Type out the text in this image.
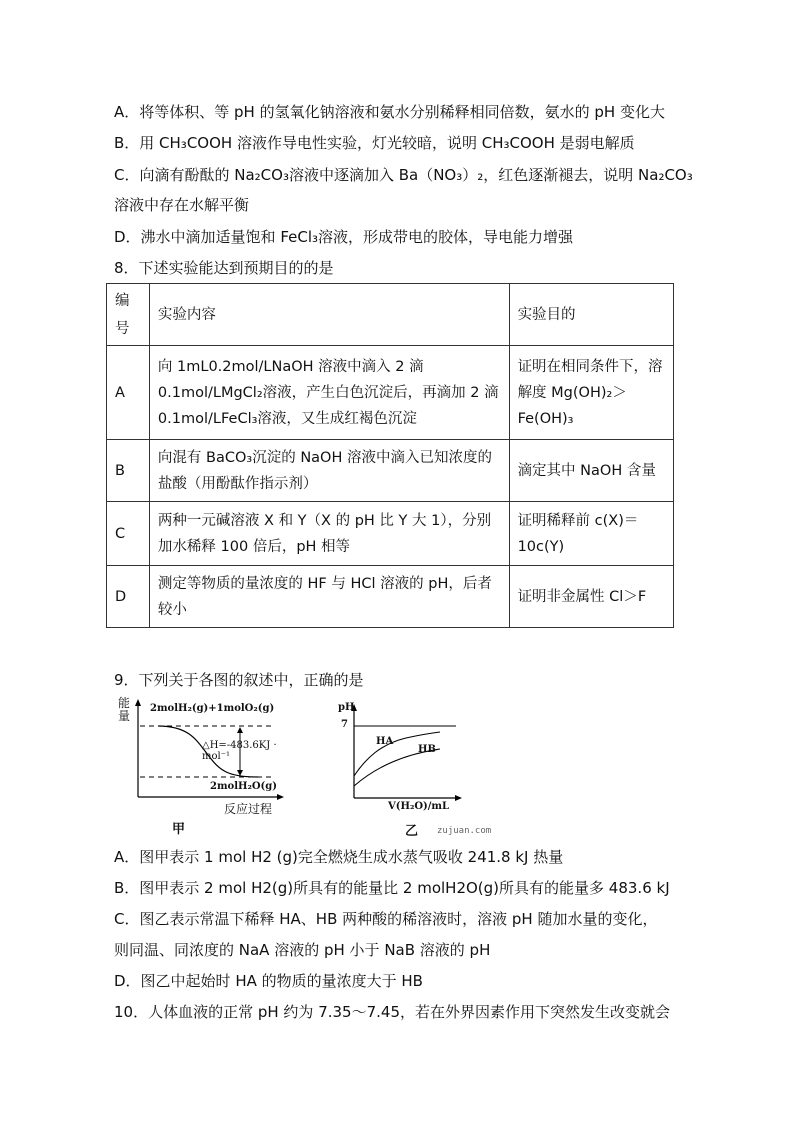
A．将等体积、等 pH 的氢氧化钠溶液和氨水分别稀释相同倍数，氨水的 pH 变化大
B．用 CH₃COOH 溶液作导电性实验，灯光较暗，说明 CH₃COOH 是弱电解质
C．向滴有酚酞的 Na₂CO₃溶液中逐滴加入 Ba（NO₃）₂，红色逐渐褪去，说明 Na₂CO₃
溶液中存在水解平衡
D．沸水中滴加适量饱和 FeCl₃溶液，形成带电的胶体，导电能力增强
8．下述实验能达到预期目的的是
编号	实验内容	实验目的
A	向 1mL0.2mol/LNaOH 溶液中滴入 2 滴 0.1mol/LMgCl₂溶液，产生白色沉淀后，再滴加 2 滴 0.1mol/LFeCl₃溶液，又生成红褐色沉淀	证明在相同条件下，溶解度 Mg(OH)₂＞Fe(OH)₃
B	向混有 BaCO₃沉淀的 NaOH 溶液中滴入已知浓度的盐酸（用酚酞作指示剂）	滴定其中 NaOH 含量
C	两种一元碱溶液 X 和 Y（X 的 pH 比 Y 大 1），分别加水稀释 100 倍后，pH 相等	证明稀释前 c(X)＝10c(Y)
D	测定等物质的量浓度的 HF 与 HCl 溶液的 pH，后者较小	证明非金属性 Cl＞F
9．下列关于各图的叙述中，正确的是
能量
2molH₂(g)+1molO₂(g)
△H=-483.6KJ · mol⁻¹
2molH₂O(g)
反应过程
甲
pH
7
HA
HB
V(H₂O)/mL
乙 zujuan.com
A．图甲表示 1 mol H2 (g)完全燃烧生成水蒸气吸收 241.8 kJ 热量
B．图甲表示 2 mol H2(g)所具有的能量比 2 molH2O(g)所具有的能量多 483.6 kJ
C．图乙表示常温下稀释 HA、HB 两种酸的稀溶液时，溶液 pH 随加水量的变化，
则同温、同浓度的 NaA 溶液的 pH 小于 NaB 溶液的 pH
D．图乙中起始时 HA 的物质的量浓度大于 HB
10．人体血液的正常 pH 约为 7.35～7.45，若在外界因素作用下突然发生改变就会
